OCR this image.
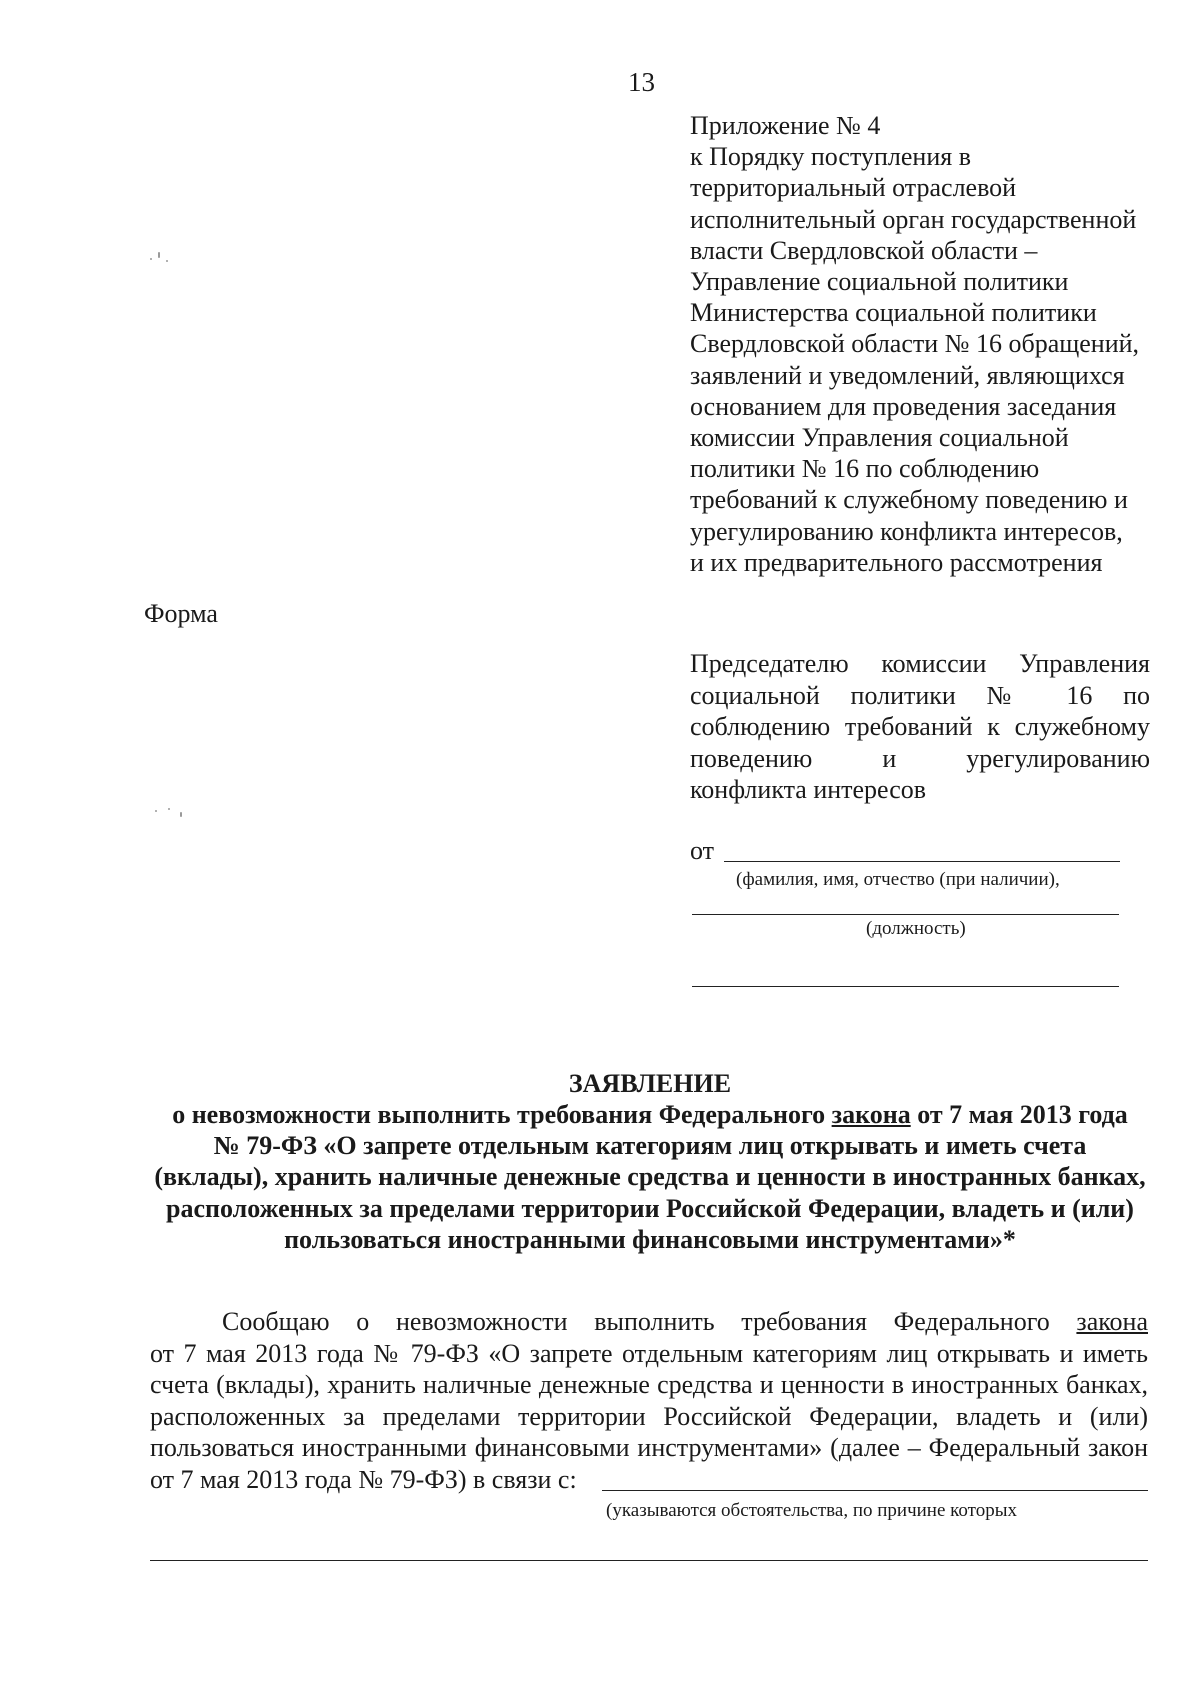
13
Приложение № 4
к Порядку поступления в
территориальный отраслевой
исполнительный орган государственной
власти Свердловской области –
Управление социальной политики
Министерства социальной политики
Свердловской области № 16 обращений,
заявлений и уведомлений, являющихся
основанием для проведения заседания
комиссии Управления социальной
политики № 16 по соблюдению
требований к служебному поведению и
урегулированию конфликта интересов,
и их предварительного рассмотрения
Форма
Председателю комиссии Управления
социальной политики № 16 по
соблюдению требований к служебному
поведению и урегулированию
конфликта интересов
от
(фамилия, имя, отчество (при наличии),
(должность)
ЗАЯВЛЕНИЕ
о невозможности выполнить требования Федерального закона от 7 мая 2013 года
№ 79-ФЗ «О запрете отдельным категориям лиц открывать и иметь счета
(вклады), хранить наличные денежные средства и ценности в иностранных банках,
расположенных за пределами территории Российской Федерации, владеть и (или)
пользоваться иностранными финансовыми инструментами»*
Сообщаю о невозможности выполнить требования Федерального закона
от 7 мая 2013 года № 79-ФЗ «О запрете отдельным категориям лиц открывать и иметь
счета (вклады), хранить наличные денежные средства и ценности в иностранных банках,
расположенных за пределами территории Российской Федерации, владеть и (или)
пользоваться иностранными финансовыми инструментами» (далее – Федеральный закон
от 7 мая 2013 года № 79-ФЗ) в связи с:
(указываются обстоятельства, по причине которых
